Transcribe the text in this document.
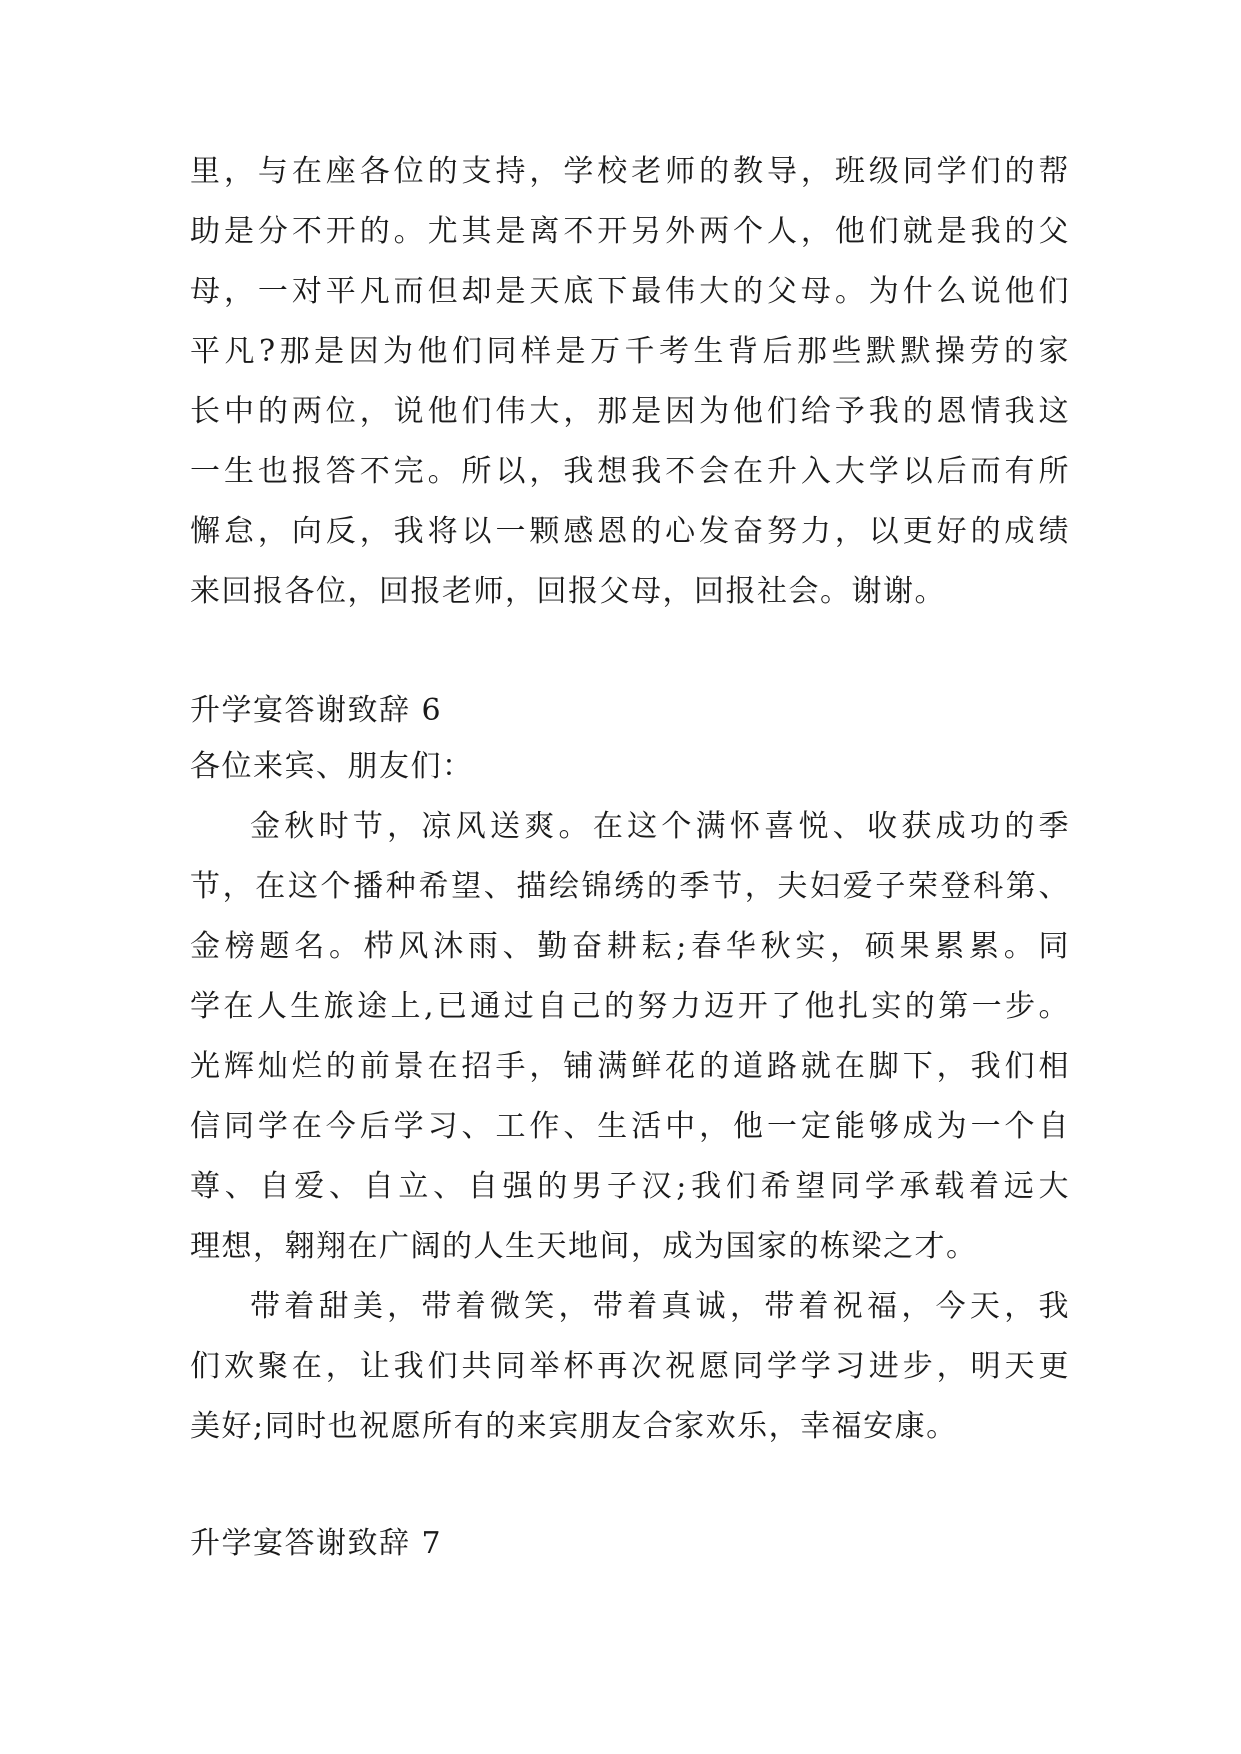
里，与在座各位的支持，学校老师的教导，班级同学们的帮
助是分不开的。尤其是离不开另外两个人，他们就是我的父
母，一对平凡而但却是天底下最伟大的父母。为什么说他们
平凡?那是因为他们同样是万千考生背后那些默默操劳的家
长中的两位，说他们伟大，那是因为他们给予我的恩情我这
一生也报答不完。所以，我想我不会在升入大学以后而有所
懈怠，向反，我将以一颗感恩的心发奋努力，以更好的成绩
来回报各位，回报老师，回报父母，回报社会。谢谢。
升学宴答谢致辞 6
各位来宾、朋友们：
金秋时节，凉风送爽。在这个满怀喜悦、收获成功的季
节，在这个播种希望、描绘锦绣的季节，夫妇爱子荣登科第、
金榜题名。栉风沐雨、勤奋耕耘;春华秋实，硕果累累。同
学在人生旅途上,已通过自己的努力迈开了他扎实的第一步。
光辉灿烂的前景在招手，铺满鲜花的道路就在脚下，我们相
信同学在今后学习、工作、生活中，他一定能够成为一个自
尊、自爱、自立、自强的男子汉;我们希望同学承载着远大
理想，翱翔在广阔的人生天地间，成为国家的栋梁之才。
带着甜美，带着微笑，带着真诚，带着祝福，今天，我
们欢聚在，让我们共同举杯再次祝愿同学学习进步，明天更
美好;同时也祝愿所有的来宾朋友合家欢乐，幸福安康。
升学宴答谢致辞 7
